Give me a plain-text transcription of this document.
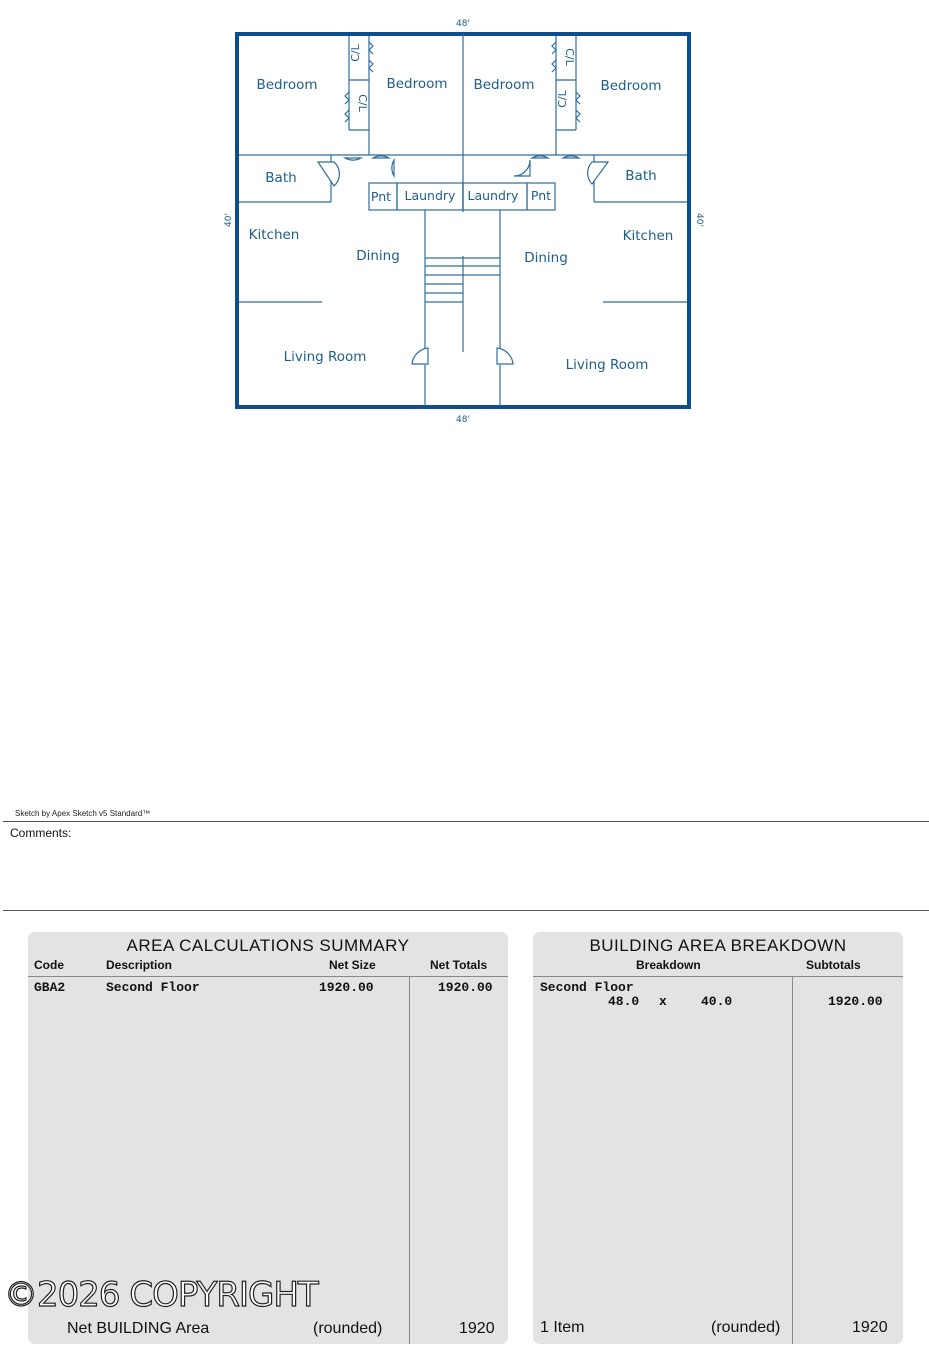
48'
48'
40'	40'
Bedroom	Bedroom Bedroom	Bedroom
C/L
C/L
C/L
C/L
Bath	Bath
Pnt Laundry Laundry Pnt
Kitchen	Kitchen
Dining	Dining
Living Room	Living Room
Sketch by Apex Sketch v5 Standard™
Comments:
AREA CALCULATIONS SUMMARY
Code	Description	Net Size	Net Totals
GBA2	Second Floor	1920.00	1920.00
Net BUILDING Area	(rounded)	1920
BUILDING AREA BREAKDOWN
Breakdown	Subtotals
Second Floor
48.0 x	40.0	1920.00
1 Item	(rounded)	1920
©2026 COPYRIGHT
